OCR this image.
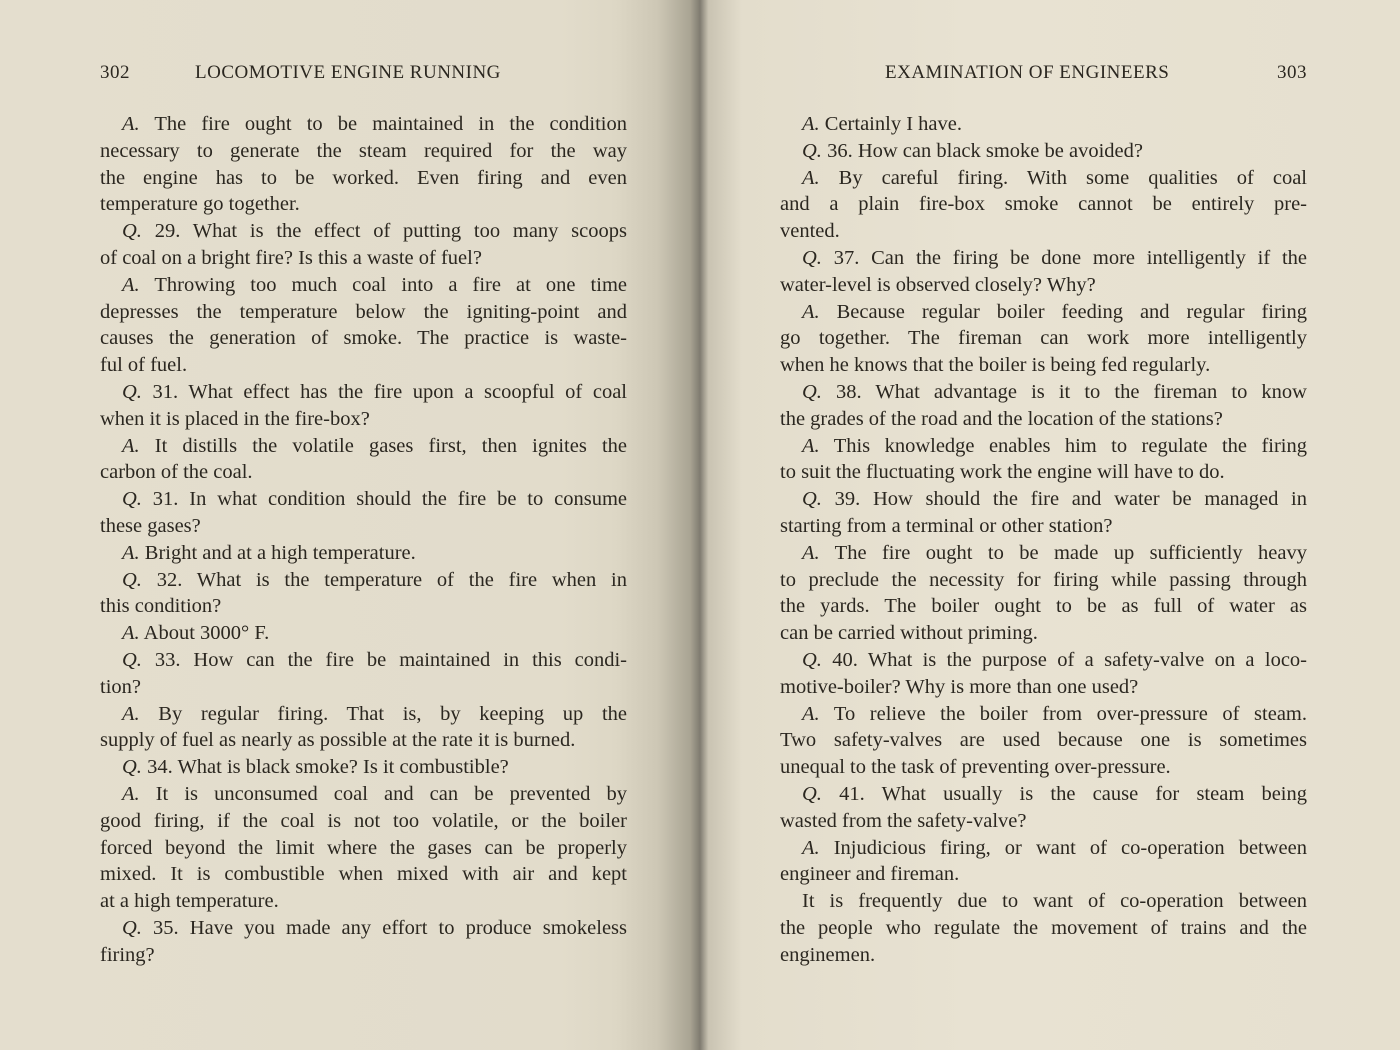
302	LOCOMOTIVE ENGINE RUNNING
A. The fire ought to be maintained in the condition
necessary to generate the steam required for the way
the engine has to be worked. Even firing and even
temperature go together.
Q. 29. What is the effect of putting too many scoops
of coal on a bright fire? Is this a waste of fuel?
A. Throwing too much coal into a fire at one time
depresses the temperature below the igniting-point and
causes the generation of smoke. The practice is waste-
ful of fuel.
Q. 31. What effect has the fire upon a scoopful of coal
when it is placed in the fire-box?
A. It distills the volatile gases first, then ignites the
carbon of the coal.
Q. 31. In what condition should the fire be to consume
these gases?
A. Bright and at a high temperature.
Q. 32. What is the temperature of the fire when in
this condition?
A. About 3000° F.
Q. 33. How can the fire be maintained in this condi-
tion?
A. By regular firing. That is, by keeping up the
supply of fuel as nearly as possible at the rate it is burned.
Q. 34. What is black smoke? Is it combustible?
A. It is unconsumed coal and can be prevented by
good firing, if the coal is not too volatile, or the boiler
forced beyond the limit where the gases can be properly
mixed. It is combustible when mixed with air and kept
at a high temperature.
Q. 35. Have you made any effort to produce smokeless
firing?
EXAMINATION OF ENGINEERS	303
A. Certainly I have.
Q. 36. How can black smoke be avoided?
A. By careful firing. With some qualities of coal
and a plain fire-box smoke cannot be entirely pre-
vented.
Q. 37. Can the firing be done more intelligently if the
water-level is observed closely? Why?
A. Because regular boiler feeding and regular firing
go together. The fireman can work more intelligently
when he knows that the boiler is being fed regularly.
Q. 38. What advantage is it to the fireman to know
the grades of the road and the location of the stations?
A. This knowledge enables him to regulate the firing
to suit the fluctuating work the engine will have to do.
Q. 39. How should the fire and water be managed in
starting from a terminal or other station?
A. The fire ought to be made up sufficiently heavy
to preclude the necessity for firing while passing through
the yards. The boiler ought to be as full of water as
can be carried without priming.
Q. 40. What is the purpose of a safety-valve on a loco-
motive-boiler? Why is more than one used?
A. To relieve the boiler from over-pressure of steam.
Two safety-valves are used because one is sometimes
unequal to the task of preventing over-pressure.
Q. 41. What usually is the cause for steam being
wasted from the safety-valve?
A. Injudicious firing, or want of co-operation between
engineer and fireman.
It is frequently due to want of co-operation between
the people who regulate the movement of trains and the
enginemen.
